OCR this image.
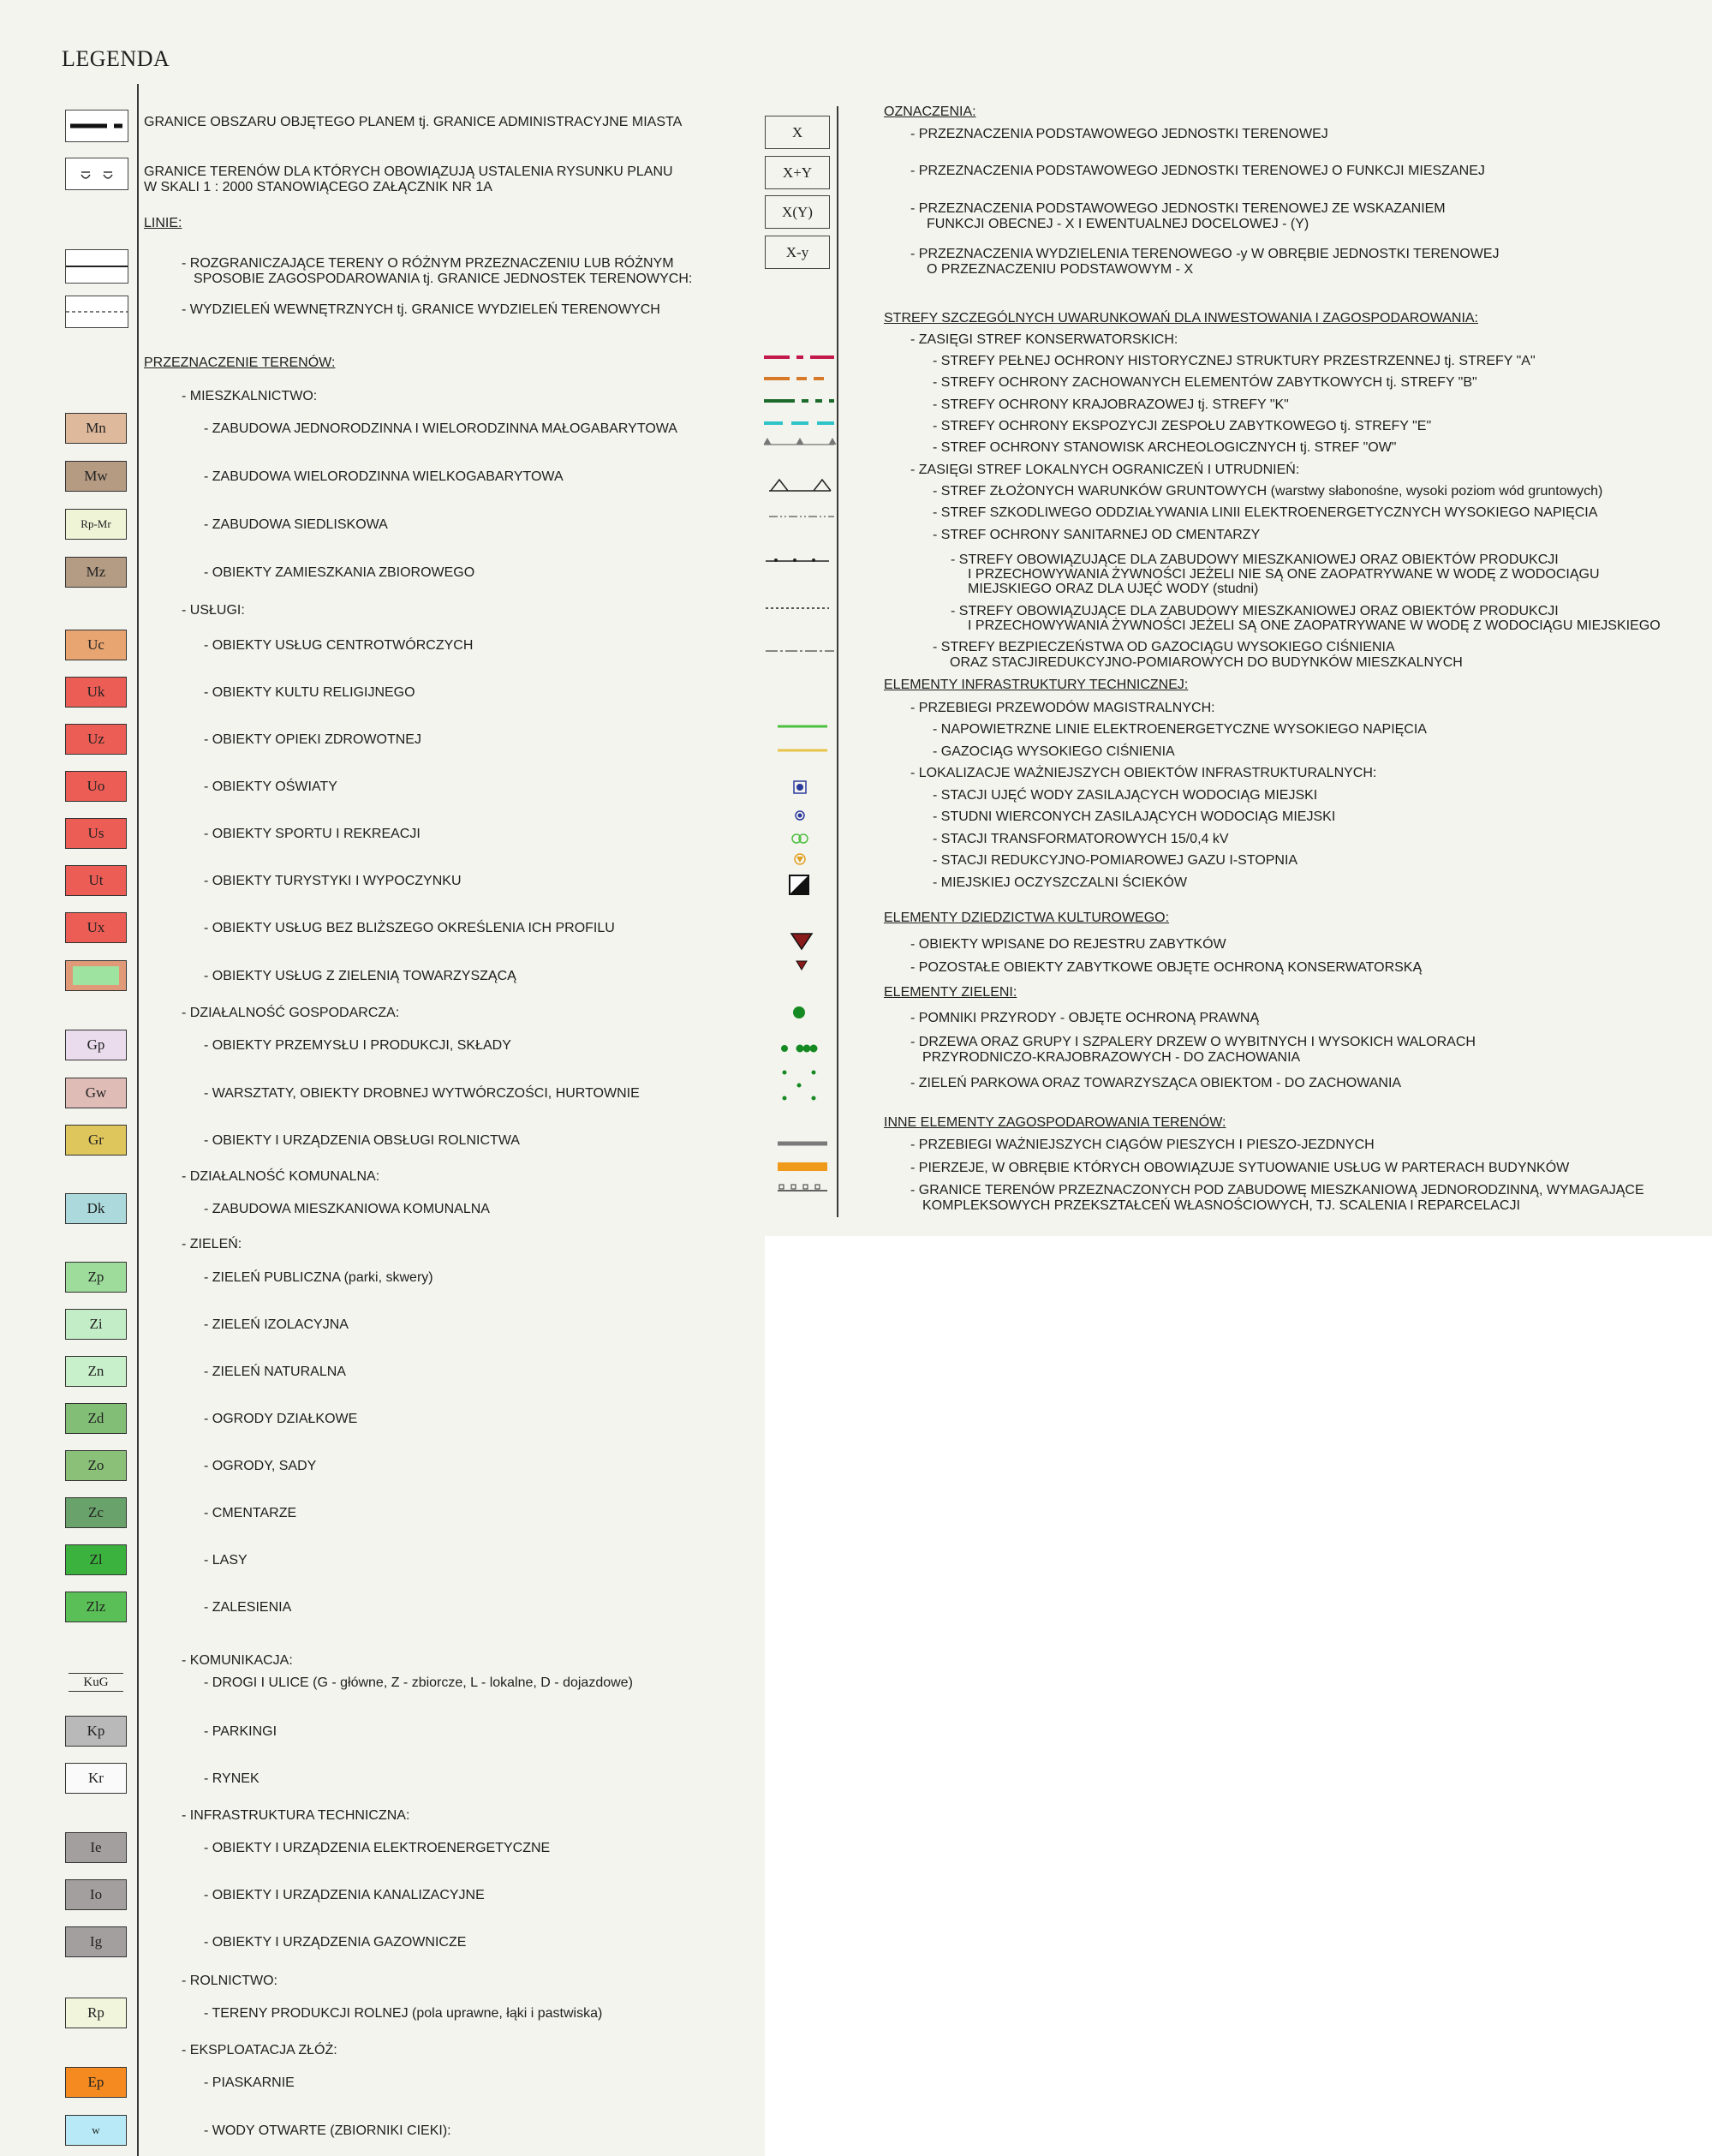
LEGENDA
GRANICE OBSZARU OBJĘTEGO PLANEM tj. GRANICE ADMINISTRACYJNE MIASTA
GRANICE TERENÓW DLA KTÓRYCH OBOWIĄZUJĄ USTALENIA RYSUNKU PLANU
W SKALI 1 : 2000 STANOWIĄCEGO ZAŁĄCZNIK NR 1A
LINIE:
- ROZGRANICZAJĄCE TERENY O RÓŻNYM PRZEZNACZENIU LUB RÓŻNYM
SPOSOBIE ZAGOSPODAROWANIA tj. GRANICE JEDNOSTEK TERENOWYCH:
- WYDZIELEŃ WEWNĘTRZNYCH tj. GRANICE WYDZIELEŃ TERENOWYCH
PRZEZNACZENIE TERENÓW:
- MIESZKALNICTWO:
- ZABUDOWA JEDNORODZINNA I WIELORODZINNA MAŁOGABARYTOWA
Mn
- ZABUDOWA WIELORODZINNA WIELKOGABARYTOWA
Mw
- ZABUDOWA SIEDLISKOWA
Rp-Mr
- OBIEKTY ZAMIESZKANIA ZBIOROWEGO
Mz
- USŁUGI:
- OBIEKTY USŁUG CENTROTWÓRCZYCH
Uc
- OBIEKTY KULTU RELIGIJNEGO
Uk
- OBIEKTY OPIEKI ZDROWOTNEJ
Uz
- OBIEKTY OŚWIATY
Uo
- OBIEKTY SPORTU I REKREACJI
Us
- OBIEKTY TURYSTYKI I WYPOCZYNKU
Ut
- OBIEKTY USŁUG BEZ BLIŻSZEGO OKREŚLENIA ICH PROFILU
Ux
- OBIEKTY USŁUG Z ZIELENIĄ TOWARZYSZĄCĄ
- DZIAŁALNOŚĆ GOSPODARCZA:
- OBIEKTY PRZEMYSŁU I PRODUKCJI, SKŁADY
Gp
- WARSZTATY, OBIEKTY DROBNEJ WYTWÓRCZOŚCI, HURTOWNIE
Gw
- OBIEKTY I URZĄDZENIA OBSŁUGI ROLNICTWA
Gr
- DZIAŁALNOŚĆ KOMUNALNA:
- ZABUDOWA MIESZKANIOWA KOMUNALNA
Dk
- ZIELEŃ:
- ZIELEŃ PUBLICZNA (parki, skwery)
Zp
- ZIELEŃ IZOLACYJNA
Zi
- ZIELEŃ NATURALNA
Zn
- OGRODY DZIAŁKOWE
Zd
- OGRODY, SADY
Zo
- CMENTARZE
Zc
- LASY
Zl
- ZALESIENIA
Zlz
- KOMUNIKACJA:
- DROGI I ULICE (G - główne, Z - zbiorcze, L - lokalne, D - dojazdowe)
KuG
- PARKINGI
Kp
- RYNEK
Kr
- INFRASTRUKTURA TECHNICZNA:
- OBIEKTY I URZĄDZENIA ELEKTROENERGETYCZNE
Ie
- OBIEKTY I URZĄDZENIA KANALIZACYJNE
Io
- OBIEKTY I URZĄDZENIA GAZOWNICZE
Ig
- ROLNICTWO:
- TERENY PRODUKCJI ROLNEJ (pola uprawne, łąki i pastwiska)
Rp
- EKSPLOATACJA ZŁÓŻ:
- PIASKARNIE
Ep
- WODY OTWARTE (ZBIORNIKI CIEKI):
w
X
X+Y
X(Y)
X-y
OZNACZENIA:
- PRZEZNACZENIA PODSTAWOWEGO JEDNOSTKI TERENOWEJ
- PRZEZNACZENIA PODSTAWOWEGO JEDNOSTKI TERENOWEJ O FUNKCJI MIESZANEJ
- PRZEZNACZENIA PODSTAWOWEGO JEDNOSTKI TERENOWEJ ZE WSKAZANIEM
FUNKCJI OBECNEJ - X I EWENTUALNEJ DOCELOWEJ - (Y)
- PRZEZNACZENIA WYDZIELENIA TERENOWEGO -y W OBRĘBIE JEDNOSTKI TERENOWEJ
O PRZEZNACZENIU PODSTAWOWYM - X
STREFY SZCZEGÓLNYCH UWARUNKOWAŃ DLA INWESTOWANIA I ZAGOSPODAROWANIA:
- ZASIĘGI STREF KONSERWATORSKICH:
- STREFY PEŁNEJ OCHRONY HISTORYCZNEJ STRUKTURY PRZESTRZENNEJ tj. STREFY "A"
- STREFY OCHRONY ZACHOWANYCH ELEMENTÓW ZABYTKOWYCH tj. STREFY "B"
- STREFY OCHRONY KRAJOBRAZOWEJ tj. STREFY "K"
- STREFY OCHRONY EKSPOZYCJI ZESPOŁU ZABYTKOWEGO tj. STREFY "E"
- STREF OCHRONY STANOWISK ARCHEOLOGICZNYCH tj. STREF "OW"
- ZASIĘGI STREF LOKALNYCH OGRANICZEŃ I UTRUDNIEŃ:
- STREF ZŁOŻONYCH WARUNKÓW GRUNTOWYCH (warstwy słabonośne, wysoki poziom wód gruntowych)
- STREF SZKODLIWEGO ODDZIAŁYWANIA LINII ELEKTROENERGETYCZNYCH WYSOKIEGO NAPIĘCIA
- STREF OCHRONY SANITARNEJ OD CMENTARZY
- STREFY OBOWIĄZUJĄCE DLA ZABUDOWY MIESZKANIOWEJ ORAZ OBIEKTÓW PRODUKCJI
I PRZECHOWYWANIA ŻYWNOŚCI JEŻELI NIE SĄ ONE ZAOPATRYWANE W WODĘ Z WODOCIĄGU
MIEJSKIEGO ORAZ DLA UJĘĆ WODY (studni)
- STREFY OBOWIĄZUJĄCE DLA ZABUDOWY MIESZKANIOWEJ ORAZ OBIEKTÓW PRODUKCJI
I PRZECHOWYWANIA ŻYWNOŚCI JEŻELI SĄ ONE ZAOPATRYWANE W WODĘ Z WODOCIĄGU MIEJSKIEGO
- STREFY BEZPIECZEŃSTWA OD GAZOCIĄGU WYSOKIEGO CIŚNIENIA
ORAZ STACJIREDUKCYJNO-POMIAROWYCH DO BUDYNKÓW MIESZKALNYCH
ELEMENTY INFRASTRUKTURY TECHNICZNEJ:
- PRZEBIEGI PRZEWODÓW MAGISTRALNYCH:
- NAPOWIETRZNE LINIE ELEKTROENERGETYCZNE WYSOKIEGO NAPIĘCIA
- GAZOCIĄG WYSOKIEGO CIŚNIENIA
- LOKALIZACJE WAŻNIEJSZYCH OBIEKTÓW INFRASTRUKTURALNYCH:
- STACJI UJĘĆ WODY ZASILAJĄCYCH WODOCIĄG MIEJSKI
- STUDNI WIERCONYCH ZASILAJĄCYCH WODOCIĄG MIEJSKI
- STACJI TRANSFORMATOROWYCH 15/0,4 kV
- STACJI REDUKCYJNO-POMIAROWEJ GAZU I-STOPNIA
- MIEJSKIEJ OCZYSZCZALNI ŚCIEKÓW
ELEMENTY DZIEDZICTWA KULTUROWEGO:
- OBIEKTY WPISANE DO REJESTRU ZABYTKÓW
- POZOSTAŁE OBIEKTY ZABYTKOWE OBJĘTE OCHRONĄ KONSERWATORSKĄ
ELEMENTY ZIELENI:
- POMNIKI PRZYRODY - OBJĘTE OCHRONĄ PRAWNĄ
- DRZEWA ORAZ GRUPY I SZPALERY DRZEW O WYBITNYCH I WYSOKICH WALORACH
PRZYRODNICZO-KRAJOBRAZOWYCH - DO ZACHOWANIA
- ZIELEŃ PARKOWA ORAZ TOWARZYSZĄCA OBIEKTOM - DO ZACHOWANIA
INNE ELEMENTY ZAGOSPODAROWANIA TERENÓW:
- PRZEBIEGI WAŻNIEJSZYCH CIĄGÓW PIESZYCH I PIESZO-JEZDNYCH
- PIERZEJE, W OBRĘBIE KTÓRYCH OBOWIĄZUJE SYTUOWANIE USŁUG W PARTERACH BUDYNKÓW
- GRANICE TERENÓW PRZEZNACZONYCH POD ZABUDOWĘ MIESZKANIOWĄ JEDNORODZINNĄ, WYMAGAJĄCE
KOMPLEKSOWYCH PRZEKSZTAŁCEŃ WŁASNOŚCIOWYCH, TJ. SCALENIA I REPARCELACJI
